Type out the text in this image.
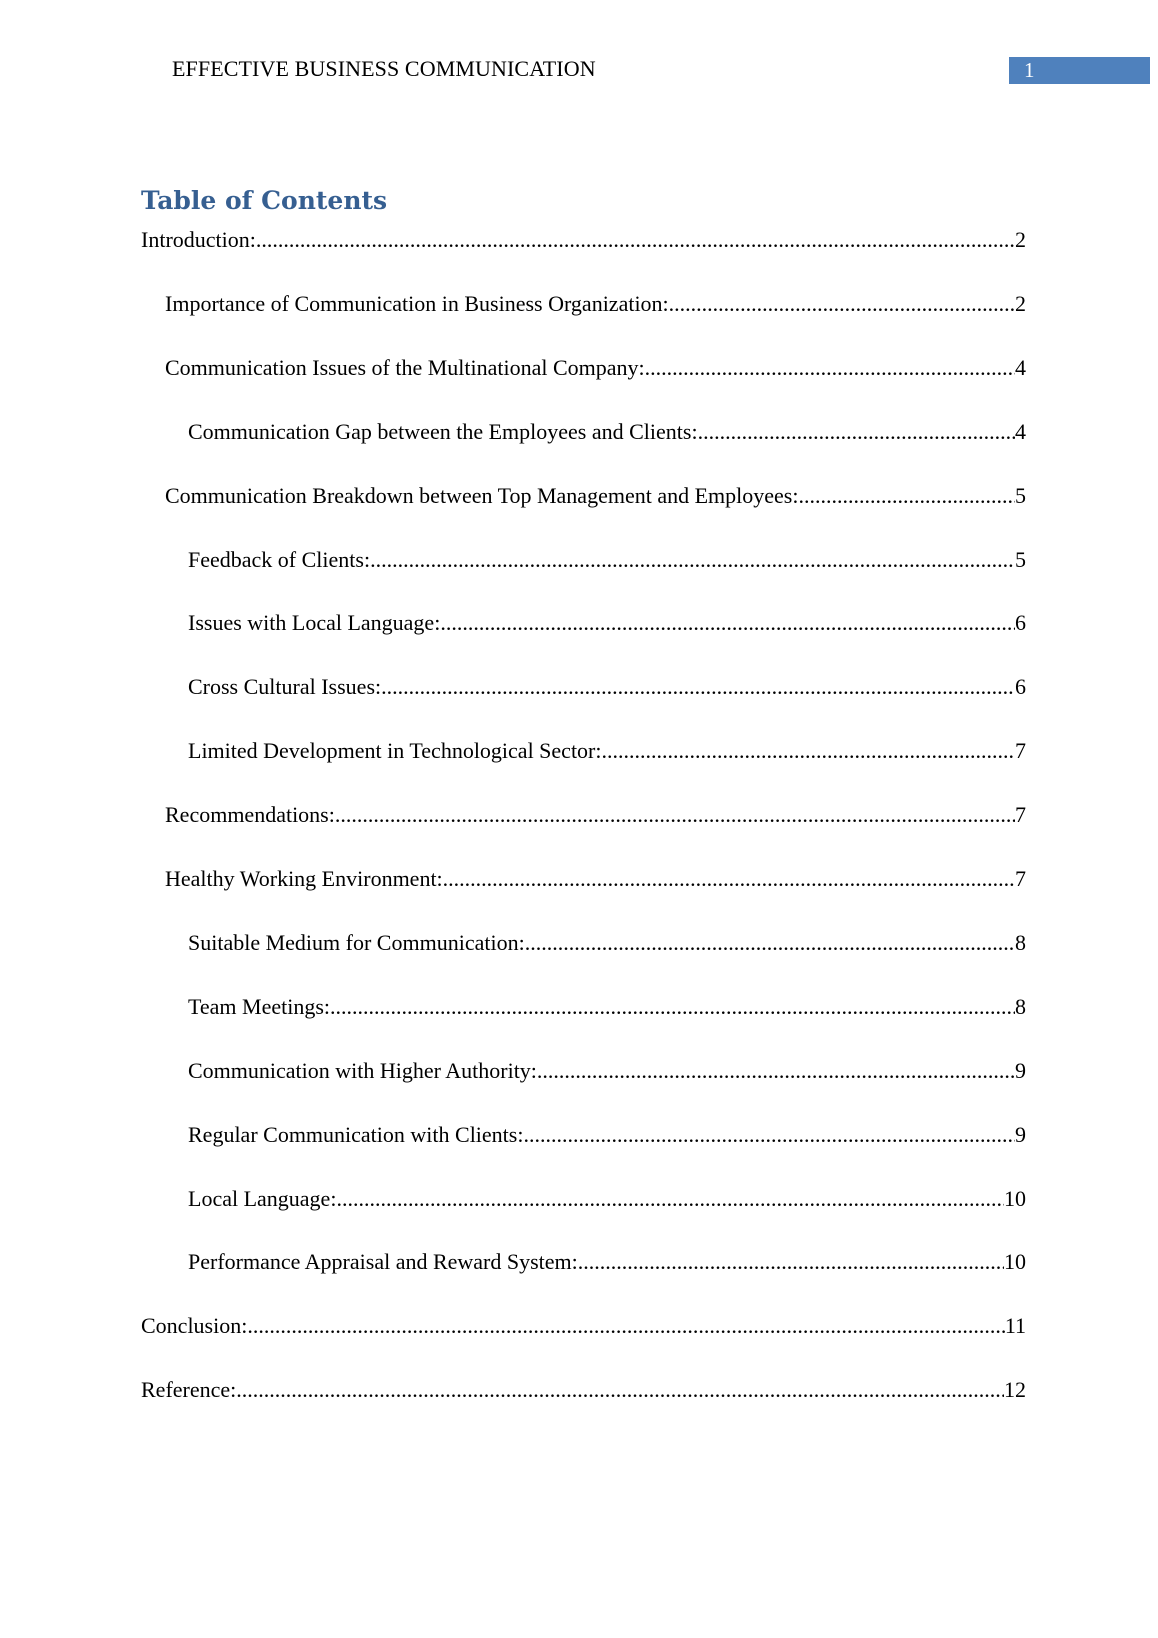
EFFECTIVE BUSINESS COMMUNICATION	1
Table of Contents
Introduction: .....	2
Importance of Communication in Business Organization: .....	2
Communication Issues of the Multinational Company: .....	4
Communication Gap between the Employees and Clients: .....	4
Communication Breakdown between Top Management and Employees: .....	5
Feedback of Clients: .....	5
Issues with Local Language: .....	6
Cross Cultural Issues: .....	6
Limited Development in Technological Sector: .....	7
Recommendations: .....	7
Healthy Working Environment: .....	7
Suitable Medium for Communication: .....	8
Team Meetings: .....	8
Communication with Higher Authority: .....	9
Regular Communication with Clients: .....	9
Local Language: .....	10
Performance Appraisal and Reward System: .....	10
Conclusion: .....	11
Reference: .....	12
